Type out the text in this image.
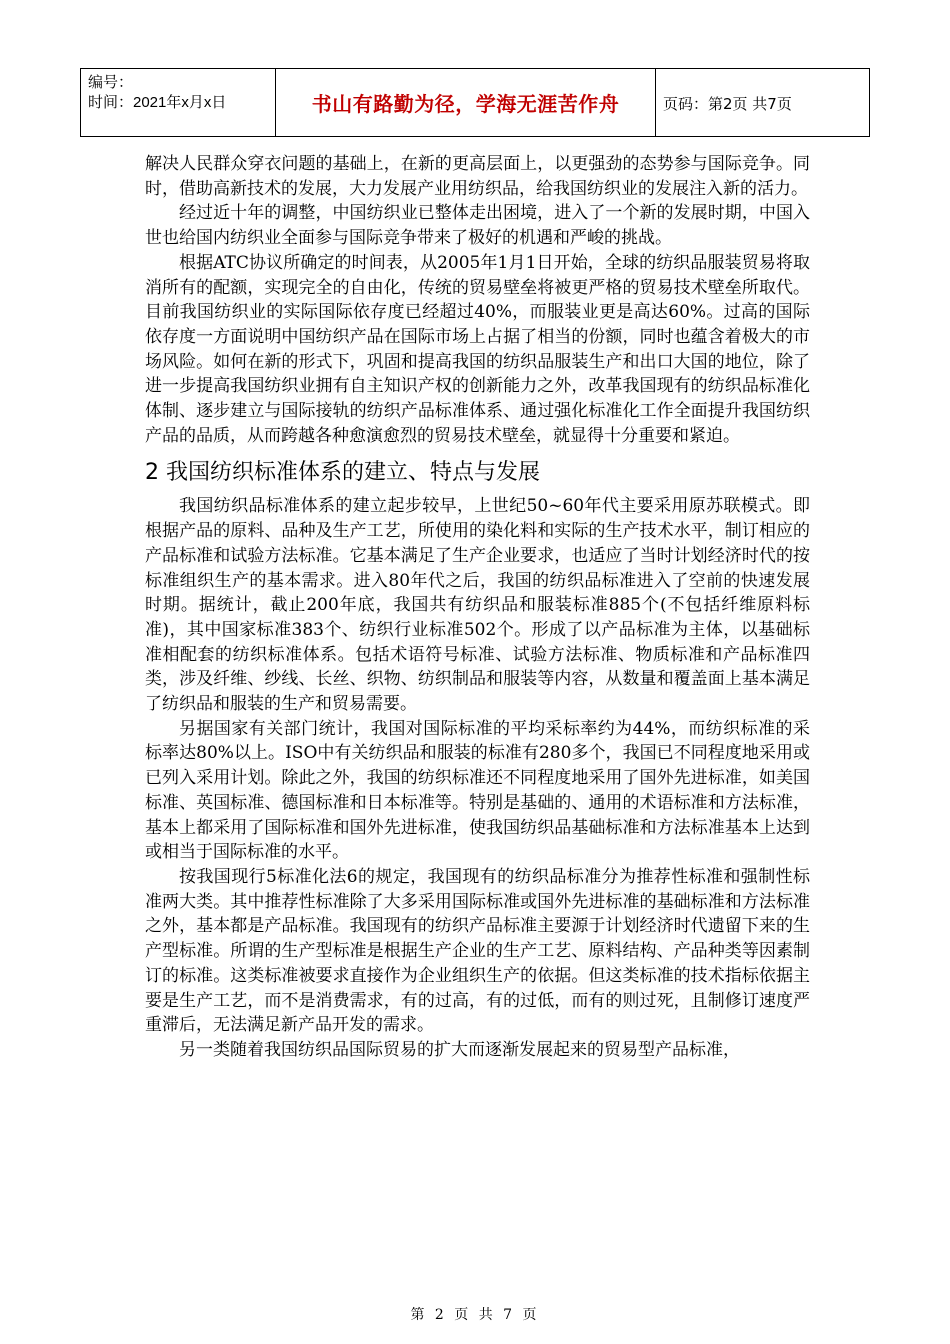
编号：
时间：2021年x月x日	书山有路勤为径，学海无涯苦作舟	页码：第2页 共7页

解决人民群众穿衣问题的基础上，在新的更高层面上，以更强劲的态势参与国际竞争。同时，借助高新技术的发展，大力发展产业用纺织品，给我国纺织业的发展注入新的活力。

经过近十年的调整，中国纺织业已整体走出困境，进入了一个新的发展时期，中国入世也给国内纺织业全面参与国际竞争带来了极好的机遇和严峻的挑战。

根据ATC协议所确定的时间表，从2005年1月1日开始，全球的纺织品服装贸易将取消所有的配额，实现完全的自由化，传统的贸易壁垒将被更严格的贸易技术壁垒所取代。目前我国纺织业的实际国际依存度已经超过40%，而服装业更是高达60%。过高的国际依存度一方面说明中国纺织产品在国际市场上占据了相当的份额，同时也蕴含着极大的市场风险。如何在新的形式下，巩固和提高我国的纺织品服装生产和出口大国的地位，除了进一步提高我国纺织业拥有自主知识产权的创新能力之外，改革我国现有的纺织品标准化体制、逐步建立与国际接轨的纺织产品标准体系、通过强化标准化工作全面提升我国纺织产品的品质，从而跨越各种愈演愈烈的贸易技术壁垒，就显得十分重要和紧迫。

2 我国纺织标准体系的建立、特点与发展

我国纺织品标准体系的建立起步较早，上世纪50~60年代主要采用原苏联模式。即根据产品的原料、品种及生产工艺，所使用的染化料和实际的生产技术水平，制订相应的产品标准和试验方法标准。它基本满足了生产企业要求，也适应了当时计划经济时代的按标准组织生产的基本需求。进入80年代之后，我国的纺织品标准进入了空前的快速发展时期。据统计，截止200年底，我国共有纺织品和服装标准885个(不包括纤维原料标准)，其中国家标准383个、纺织行业标准502个。形成了以产品标准为主体，以基础标准相配套的纺织标准体系。包括术语符号标准、试验方法标准、物质标准和产品标准四类，涉及纤维、纱线、长丝、织物、纺织制品和服装等内容，从数量和覆盖面上基本满足了纺织品和服装的生产和贸易需要。

另据国家有关部门统计，我国对国际标准的平均采标率约为44%，而纺织标准的采标率达80%以上。ISO中有关纺织品和服装的标准有280多个，我国已不同程度地采用或已列入采用计划。除此之外，我国的纺织标准还不同程度地采用了国外先进标准，如美国标准、英国标准、德国标准和日本标准等。特别是基础的、通用的术语标准和方法标准，基本上都采用了国际标准和国外先进标准，使我国纺织品基础标准和方法标准基本上达到或相当于国际标准的水平。

按我国现行5标准化法6的规定，我国现有的纺织品标准分为推荐性标准和强制性标准两大类。其中推荐性标准除了大多采用国际标准或国外先进标准的基础标准和方法标准之外，基本都是产品标准。我国现有的纺织产品标准主要源于计划经济时代遗留下来的生产型标准。所谓的生产型标准是根据生产企业的生产工艺、原料结构、产品种类等因素制订的标准。这类标准被要求直接作为企业组织生产的依据。但这类标准的技术指标依据主要是生产工艺，而不是消费需求，有的过高，有的过低，而有的则过死，且制修订速度严重滞后，无法满足新产品开发的需求。

另一类随着我国纺织品国际贸易的扩大而逐渐发展起来的贸易型产品标准，

第 2 页 共 7 页
